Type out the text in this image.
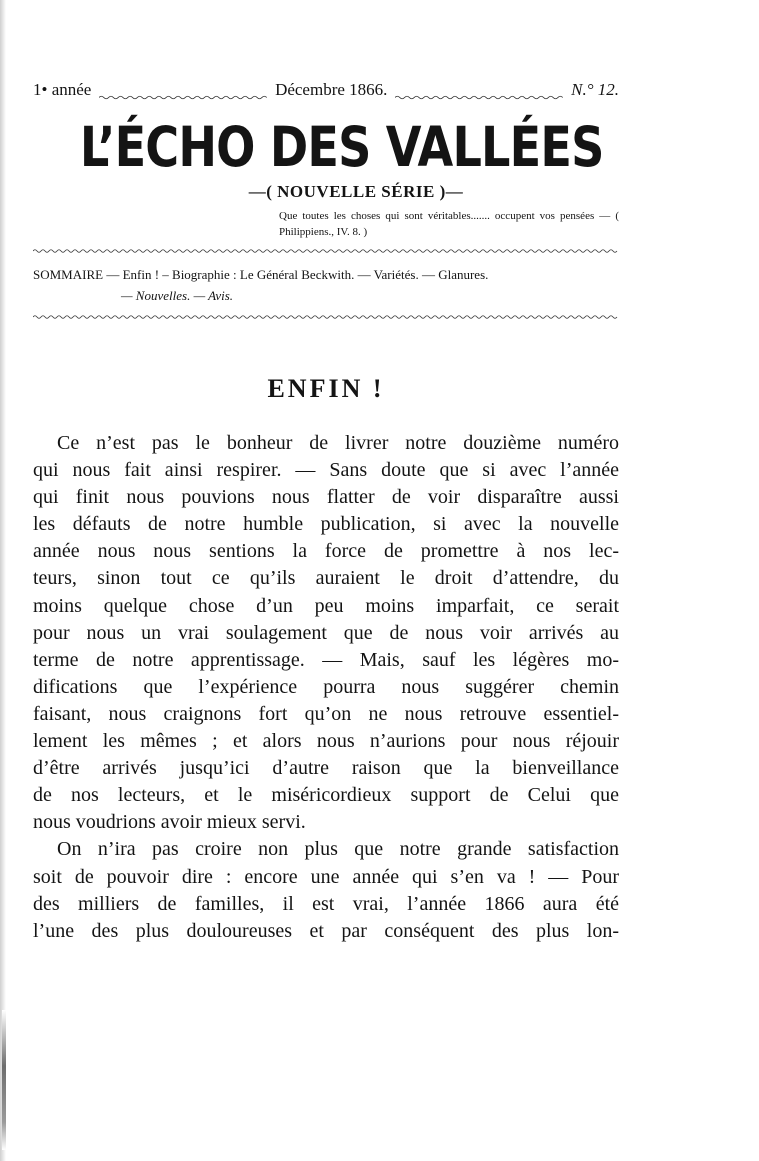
1• année	Décembre 1866.	N.° 12.
L’ÉCHO DES VALLÉES
—( NOUVELLE SÉRIE )—
Que toutes les choses qui sont véritables....... occupent vos pensées — ( Philippiens., IV. 8. )
SOMMAIRE — Enfin ! – Biographie : Le Général Beckwith. — Variétés. — Glanures.
— Nouvelles. — Avis.
ENFIN !
Ce n’est pas le bonheur de livrer notre douzième numéro
qui nous fait ainsi respirer. — Sans doute que si avec l’année
qui finit nous pouvions nous flatter de voir disparaître aussi
les défauts de notre humble publication, si avec la nouvelle
année nous nous sentions la force de promettre à nos lec-
teurs, sinon tout ce qu’ils auraient le droit d’attendre, du
moins quelque chose d’un peu moins imparfait, ce serait
pour nous un vrai soulagement que de nous voir arrivés au
terme de notre apprentissage. — Mais, sauf les légères mo-
difications que l’expérience pourra nous suggérer chemin
faisant, nous craignons fort qu’on ne nous retrouve essentiel-
lement les mêmes ; et alors nous n’aurions pour nous réjouir
d’être arrivés jusqu’ici d’autre raison que la bienveillance
de nos lecteurs, et le miséricordieux support de Celui que
nous voudrions avoir mieux servi.
On n’ira pas croire non plus que notre grande satisfaction
soit de pouvoir dire : encore une année qui s’en va ! — Pour
des milliers de familles, il est vrai, l’année 1866 aura été
l’une des plus douloureuses et par conséquent des plus lon-
